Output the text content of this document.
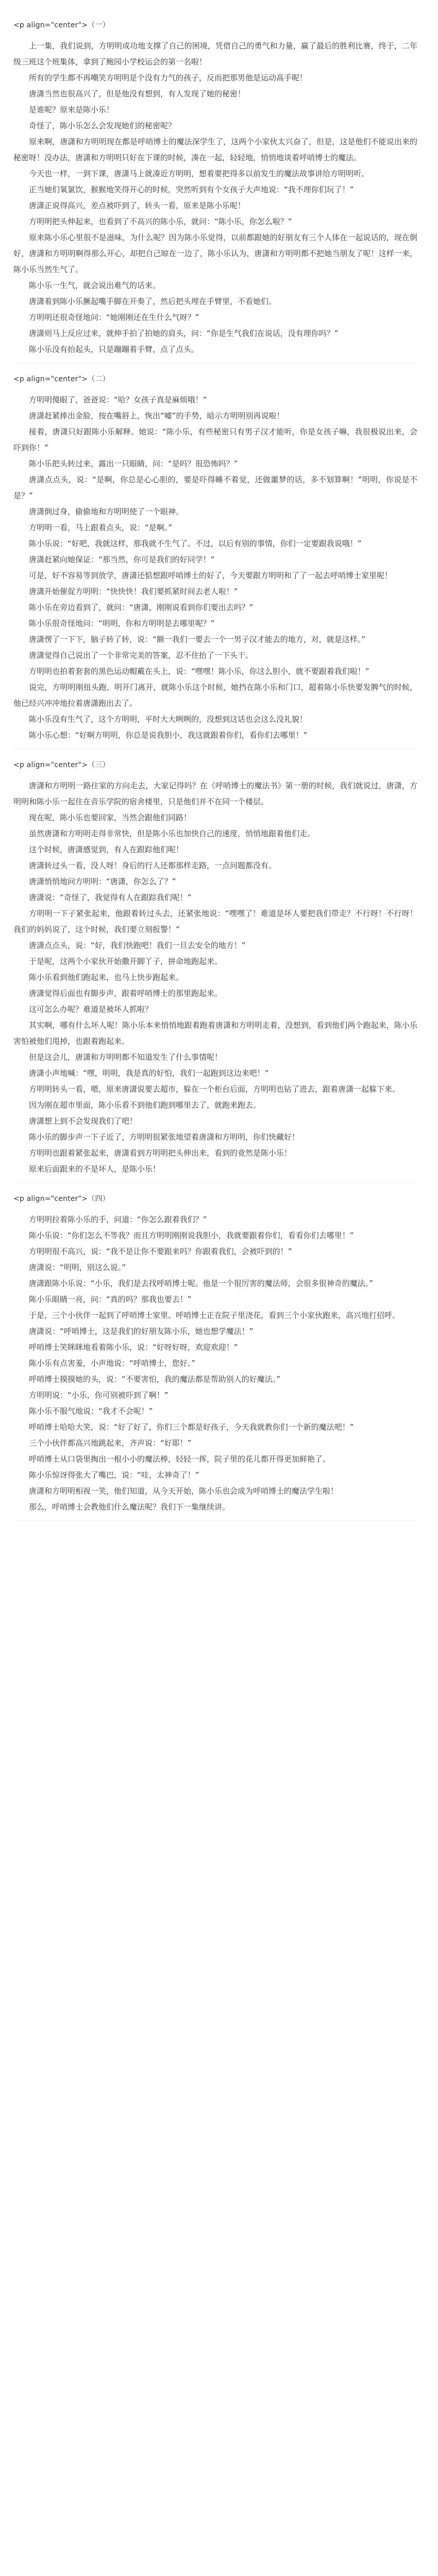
<p align="center">（一）

上一集，我们说到，方明明成功地支撑了自己的困境，凭借自己的勇气和力量，赢了最后的胜利比赛，终于，二年级三班这个班集体，拿到了鲍园小学校运会的第一名啦！

所有的学生都不再嘲笑方明明是个没有力气的孩子，反而把那男他是运动高手呢！

唐潇当然也很高兴了，但是他没有想到，有人发现了她的秘密！

是谁呢？原来是陈小乐！

奇怪了，陈小乐怎么会发现她们的秘密呢？

原来啊，唐潇和方明明现在都是呼哨博士的魔法深学生了，这两个小家伙太兴奋了，但是，这是他们不能说出来的秘密呀！没办法，唐潇和方明明只好在下课的时候，凑在一起，轻轻地，悄悄地谈着呼哨博士的魔法。

今天也一样，一到下课，唐潇马上就凑近方明明，想着要把得多以前发生的魔法故事讲给方明明听。

正当她们氧氯饮，猴猴地笑得开心的时候，突然听到有个女孩子大声地说：“我不理你们玩了！”

唐潇正说得高兴，差点被吓到了，转头一看，原来是陈小乐呢！

方明明把头伸起来，也看到了不高兴的陈小乐，就问：“陈小乐，你怎么啦？”

原来陈小乐心里很不是滋味，为什么呢？因为陈小乐觉得，以前都跟她的好朋友有三个人体在一起说话的，现在倒好，唐潇和方明明啊得那么开心，却把自己晾在一边了，陈小乐认为，唐潇和方明明都不把她当朋友了呢！这样一来，陈小乐当然生气了。

陈小乐一生气，就会说出难气的话来。

唐潇着到陈小乐撅起嘴手脚在开奏了，然后把头埋在手臂里，不看她们。

方明明还很奇怪地问：“她刚刚还在生什么气呀？”

唐潇则马上反应过来，就伸手拍了拍她的肩头，问：“你是生气我们在说话，没有理你吗？”

陈小乐没有抬起头，只是蹦蹦着手臂，点了点头。

<p align="center">（二）

方明明傻眼了，爸爸说：“哈？女孩子真是麻烦哦！”

唐潇赶紧捧出金脸，按在嘴唇上，恢出“嘘”的手势，暗示方明明别再说啦！

接着，唐潇只好跟陈小乐解释。她说：“陈小乐，有些秘密只有男子汉才能听，你是女孩子嘛，我很极说出来，会吓到你！”

陈小乐把头转过来，露出一只眼睛，问：“是吗？很恐怖吗？”

唐潇点点头，说：“是啊，你总是心心胆的，要是吓得睡不着觉，还做噩梦的话，多不划算啊！”明明，你说是不是？”

唐潇倒过身，偷偷地和方明明使了一个眼神。

方明明一看，马上跟着点头，说：“是啊。”

陈小乐说：“好吧，我就这样，那我就不生气了。不过，以后有别的事情，你们一定要跟我说哦！”

唐潇赶紧向她保证：“那当然，你可是我们的好同学！”

可是，好不容易等到放学，唐潇还惦想跟呼哨博士的好了，今天要跟方明明和了了一起去呼哨博士家里呢！

唐潇开始催促方明明：“快快快！我们要抓紧时间去老人啦！”

陈小乐在旁边看到了，就问：“唐潇，刚刚说看到你们要出去吗？”

陈小乐很奇怪地问：“明明，你和方明明是去哪里呢？”

唐潇愣了一下下，脑子转了转，说：“额一我们一要去一个一男子汉才能去的地方，对，就是这样。”

唐潇觉得自己说出了一个非常完美的答案，忍不住抬了一下头干。

方明明也拍着套套的黑色运动帽戴在头上，说：“嘿嘿！陈小乐，你这么胆小，就不要跟着我们啦！”

说完，方明明刚扭头跑，明开门离开，就陈小乐这个时候，她挡在陈小乐和门口，超着陈小乐快要发脾气的时候，他已经兴冲冲地拉着唐潇跑出去了。

陈小乐没有生气了，这个方明明，平时大大咧咧的，没想到这话也会这么没礼貌！

陈小乐心想：“好啊方明明，你总是说我胆小，我这就跟着你们，看你们去哪里！”

<p align="center">（三）

唐潇和方明明一路往家的方向走去，大家记得吗？在《呼哨博士的魔法书》第一册的时候，我们就说过，唐潇，方明明和陈小乐一起住在音乐学院的宿舍楼里，只是他们并不在同一个楼层。

现在呢，陈小乐也要回家，当然会跟他们同路！

虽然唐潇和方明明走得非常快，但是陈小乐也加快自己的速度，悄悄地跟着他们走。

这个时候，唐潇感觉到，有人在跟踪他们呢！

唐潇转过头一看，没人呀！身后的行人还都那样走路，一点问题都没有。

唐潇悄悄地问方明明：“唐潇，你怎么了？”

唐潇说：“奇怪了，我觉得有人在跟踪我们呢！”

方明明一下子紧张起来，他跟着转过头去，还紧张地说：“嘿嘿了！难道是坏人要把我们带走？不行呀！不行呀！我们的妈妈说了，这个时候，我们要立刻报警！”

唐潇点点头，说：“好，我们快跑吧！我们一旦去安全的地方！”

于是呢，这两个小家伙开始撒开脚丫子，拼命地跑起来。

陈小乐看到他们跑起来，也马上快步跑起来。

唐潇觉得后面也有脚步声，跟着呼哨博士的那里跑起来。

这可怎么办呢？难道是被坏人抓啦？

其实啊，哪有什么坏人呢！陈小乐本来悄悄地跟着跑着唐潇和方明明走着，没想到，看到他们两个跑起来，陈小乐害怕被他们甩掉，也跟着跑起来。

但是这会儿，唐潇和方明明都不知道发生了什么事情呢！

唐潇小声地喊：“嘿，明明，我是真的好怕，我们一起跑到这边来吧！”

方明明转头一看，嗯，原来唐潇说要去超市，躲在一个柜台后面，方明明也钻了进去，跟着唐潇一起躲下来。

因为刚在超市里面，陈小乐看不到他们跑到哪里去了，就跑来跑去。

唐潇想上到不会发现我们了吧！

陈小乐的脚步声一下子近了，方明明很紧张地望着唐潇和方明明，你们快藏好！

方明明也跟着紧张起来，唐潇看到方明明把头伸出来，看到的竟然是陈小乐！

原来后面跟来的不是坏人，是陈小乐！

<p align="center">（四）

方明明拉着陈小乐的手，问道：“你怎么跟着我们？”

陈小乐说：“你们怎么不等我？而且方明明刚刚说我胆小，我就要跟着你们，看看你们去哪里！”

方明明很不高兴，说：“我不是让你不要跟来吗？你跟着我们，会被吓到的！”

唐潇说：“明明，别这么说。”

唐潇跟陈小乐说：“小乐，我们是去找呼哨博士呢。他是一个很厉害的魔法师，会很多很神奇的魔法。”

陈小乐眼睛一亮，问：“真的吗？那我也要去！”

于是，三个小伙伴一起到了呼哨博士家里。呼哨博士正在院子里浇花，看到三个小家伙跑来，高兴地打招呼。

唐潇说：“呼哨博士，这是我们的好朋友陈小乐，她也想学魔法！”

呼哨博士笑眯眯地看着陈小乐，说：“好呀好呀，欢迎欢迎！”

陈小乐有点害羞，小声地说：“呼哨博士，您好。”

呼哨博士摸摸她的头，说：“不要害怕，我的魔法都是帮助别人的好魔法。”

方明明说：“小乐，你可别被吓到了啊！”

陈小乐不服气地说：“我才不会呢！”

呼哨博士哈哈大笑，说：“好了好了，你们三个都是好孩子，今天我就教你们一个新的魔法吧！”

三个小伙伴都高兴地跳起来，齐声说：“好耶！”

呼哨博士从口袋里掏出一根小小的魔法棒，轻轻一挥，院子里的花儿都开得更加鲜艳了。

陈小乐惊讶得张大了嘴巴，说：“哇，太神奇了！”

唐潇和方明明相视一笑，他们知道，从今天开始，陈小乐也会成为呼哨博士的魔法学生啦！

那么，呼哨博士会教他们什么魔法呢？我们下一集继续讲。
